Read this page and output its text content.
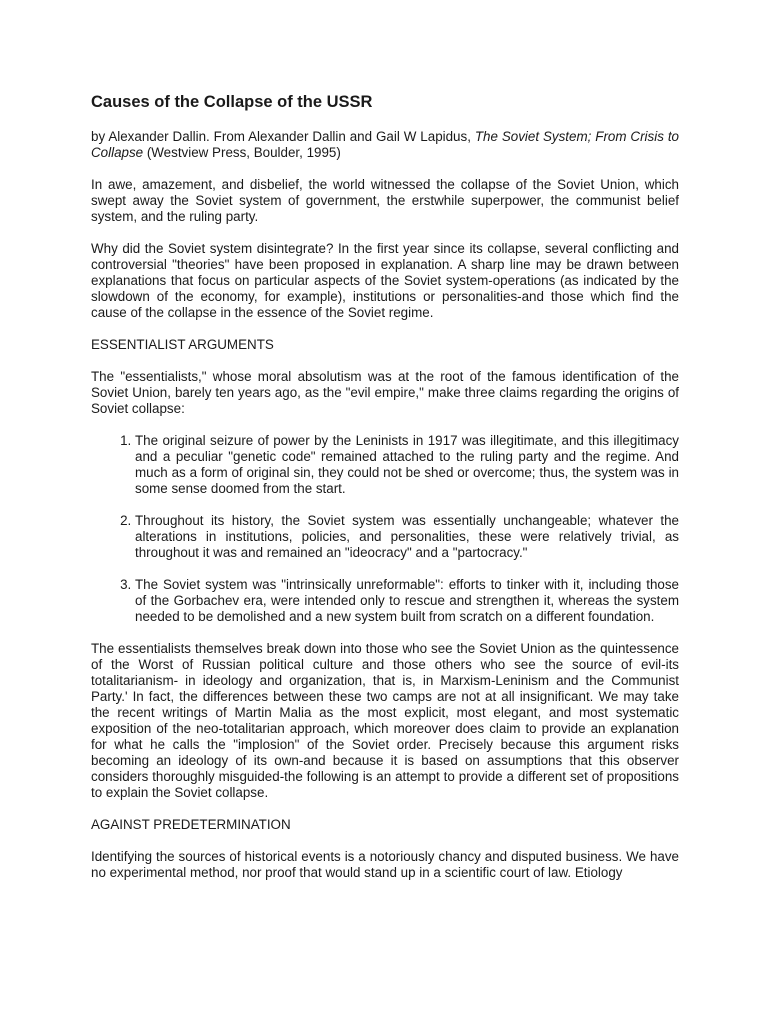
Causes of the Collapse of the USSR

by Alexander Dallin. From Alexander Dallin and Gail W Lapidus, The Soviet System; From Crisis to Collapse (Westview Press, Boulder, 1995)

In awe, amazement, and disbelief, the world witnessed the collapse of the Soviet Union, which swept away the Soviet system of government, the erstwhile superpower, the communist belief system, and the ruling party.

Why did the Soviet system disintegrate? In the first year since its collapse, several conflicting and controversial "theories" have been proposed in explanation. A sharp line may be drawn between explanations that focus on particular aspects of the Soviet system-operations (as indicated by the slowdown of the economy, for example), institutions or personalities-and those which find the cause of the collapse in the essence of the Soviet regime.

ESSENTIALIST ARGUMENTS

The "essentialists," whose moral absolutism was at the root of the famous identification of the Soviet Union, barely ten years ago, as the "evil empire," make three claims regarding the origins of Soviet collapse:

1. The original seizure of power by the Leninists in 1917 was illegitimate, and this illegitimacy and a peculiar "genetic code" remained attached to the ruling party and the regime. And much as a form of original sin, they could not be shed or overcome; thus, the system was in some sense doomed from the start.
2. Throughout its history, the Soviet system was essentially unchangeable; whatever the alterations in institutions, policies, and personalities, these were relatively trivial, as throughout it was and remained an "ideocracy" and a "partocracy."
3. The Soviet system was "intrinsically unreformable": efforts to tinker with it, including those of the Gorbachev era, were intended only to rescue and strengthen it, whereas the system needed to be demolished and a new system built from scratch on a different foundation.

The essentialists themselves break down into those who see the Soviet Union as the quintessence of the Worst of Russian political culture and those others who see the source of evil-its totalitarianism- in ideology and organization, that is, in Marxism-Leninism and the Communist Party.' In fact, the differences between these two camps are not at all insignificant. We may take the recent writings of Martin Malia as the most explicit, most elegant, and most systematic exposition of the neo-totalitarian approach, which moreover does claim to provide an explanation for what he calls the "implosion" of the Soviet order. Precisely because this argument risks becoming an ideology of its own-and because it is based on assumptions that this observer considers thoroughly misguided-the following is an attempt to provide a different set of propositions to explain the Soviet collapse.

AGAINST PREDETERMINATION

Identifying the sources of historical events is a notoriously chancy and disputed business. We have no experimental method, nor proof that would stand up in a scientific court of law. Etiology
